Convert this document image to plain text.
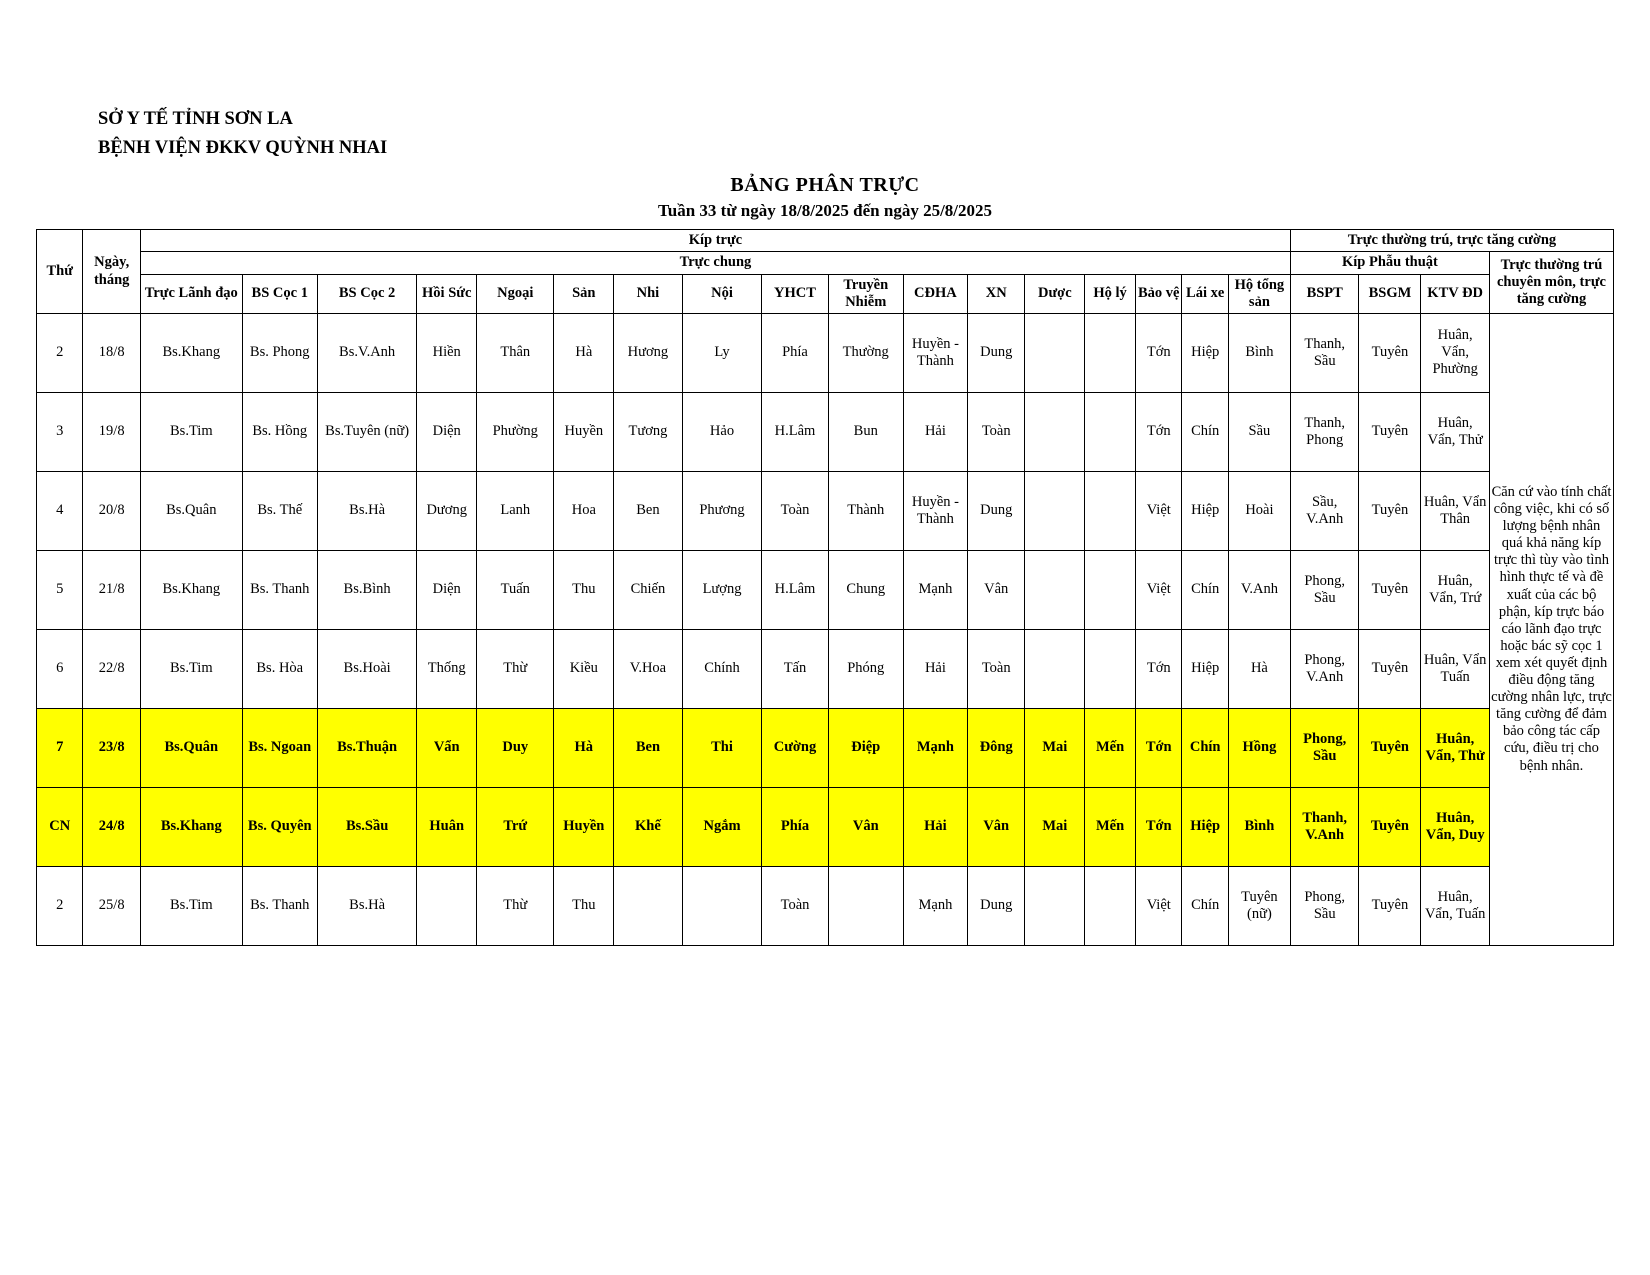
SỞ Y TẾ TỈNH SƠN LA
BỆNH VIỆN ĐKKV QUỲNH NHAI
BẢNG PHÂN TRỰC
Tuần 33 từ ngày 18/8/2025 đến ngày 25/8/2025
Thứ	Ngày, tháng	Kíp trực																	Trực thường trú, trực tăng cường			
		Trực chung																	Kíp Phẫu thuật			Trực thường trú chuyên môn, trực tăng cường
		Trực Lãnh đạo	BS Cọc 1	BS Cọc 2	Hồi Sức	Ngoại	Sản	Nhi	Nội	YHCT	Truyền Nhiễm	CĐHA	XN	Dược	Hộ lý	Bảo vệ	Lái xe	Hộ tổng sản	BSPT	BSGM	KTV ĐD	

2	18/8	Bs.Khang	Bs. Phong	Bs.V.Anh	Hiền	Thân	Hà	Hương	Ly	Phía	Thường	Huyền - Thành	Dung			Tớn	Hiệp	Bình	Thanh, Sầu	Tuyên	Huân, Vẩn, Phường	Căn cứ vào tính chất công việc, khi có số lượng bệnh nhân quá khả năng kíp trực thì tùy vào tình hình thực tế và đề xuất của các bộ phận, kíp trực báo cáo lãnh đạo trực hoặc bác sỹ cọc 1 xem xét quyết định điều động tăng cường nhân lực, trực tăng cường để đảm bảo công tác cấp cứu, điều trị cho bệnh nhân.
3	19/8	Bs.Tim	Bs. Hồng	Bs.Tuyên (nữ)	Diện	Phường	Huyền	Tương	Hảo	H.Lâm	Bun	Hải	Toàn			Tớn	Chín	Sầu	Thanh, Phong	Tuyên	Huân, Vẩn, Thử	
4	20/8	Bs.Quân	Bs. Thế	Bs.Hà	Dương	Lanh	Hoa	Ben	Phương	Toàn	Thành	Huyền - Thành	Dung			Việt	Hiệp	Hoài	Sầu, V.Anh	Tuyên	Huân, Vẩn Thân	
5	21/8	Bs.Khang	Bs. Thanh	Bs.Bình	Diện	Tuấn	Thu	Chiến	Lượng	H.Lâm	Chung	Mạnh	Vân			Việt	Chín	V.Anh	Phong, Sầu	Tuyên	Huân, Vẩn, Trứ	
6	22/8	Bs.Tim	Bs. Hòa	Bs.Hoài	Thống	Thừ	Kiều	V.Hoa	Chính	Tấn	Phóng	Hải	Toàn			Tớn	Hiệp	Hà	Phong, V.Anh	Tuyên	Huân, Vẩn Tuấn	
7	23/8	Bs.Quân	Bs. Ngoan	Bs.Thuận	Vẩn	Duy	Hà	Ben	Thi	Cường	Điệp	Mạnh	Đông	Mai	Mến	Tớn	Chín	Hồng	Phong, Sầu	Tuyên	Huân, Vẩn, Thử	
CN	24/8	Bs.Khang	Bs. Quyên	Bs.Sầu	Huân	Trứ	Huyền	Khế	Ngắm	Phía	Vân	Hải	Vân	Mai	Mến	Tớn	Hiệp	Bình	Thanh, V.Anh	Tuyên	Huân, Vẩn, Duy	
2	25/8	Bs.Tim	Bs. Thanh	Bs.Hà		Thừ	Thu			Toàn		Mạnh	Dung			Việt	Chín	Tuyên (nữ)	Phong, Sầu	Tuyên	Huân, Vẩn, Tuấn	
